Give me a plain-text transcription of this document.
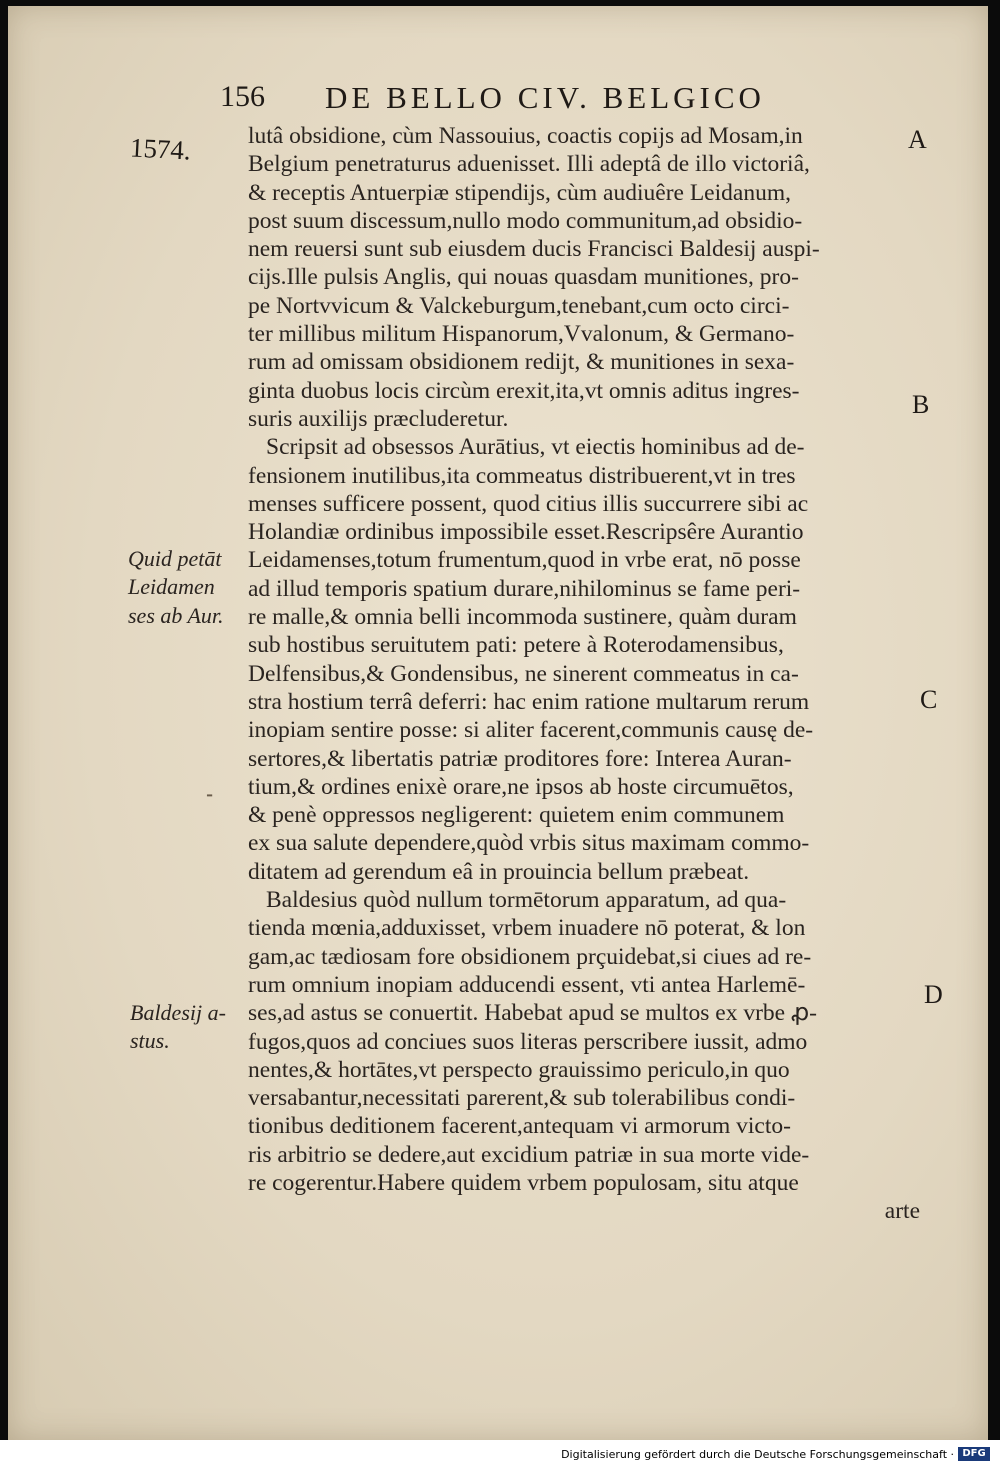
156 DE BELLO CIV. BELGICO
1574.
Quid petāt
Leidamen
ses ab Aur.
Baldesij a-
stus.
A
B
C
D
lutâ obsidione, cùm Nassouius, coactis copijs ad Mosam,in
Belgium penetraturus aduenisset. Illi adeptâ de illo victoriâ,
& receptis Antuerpiæ stipendijs, cùm audiuêre Leidanum,
post suum discessum,nullo modo communitum,ad obsidio-
nem reuersi sunt sub eiusdem ducis Francisci Baldesij auspi-
cijs.Ille pulsis Anglis, qui nouas quasdam munitiones, pro-
pe Nortvvicum & Valckeburgum,tenebant,cum octo circi-
ter millibus militum Hispanorum,Vvalonum, & Germano-
rum ad omissam obsidionem redijt, & munitiones in sexa-
ginta duobus locis circùm erexit,ita,vt omnis aditus ingres-
suris auxilijs præcluderetur.
Scripsit ad obsessos Aurātius, vt eiectis hominibus ad de-
fensionem inutilibus,ita commeatus distribuerent,vt in tres
menses sufficere possent, quod citius illis succurrere sibi ac
Holandiæ ordinibus impossibile esset.Rescripsêre Aurantio
Leidamenses,totum frumentum,quod in vrbe erat, nō posse
ad illud temporis spatium durare,nihilominus se fame peri-
re malle,& omnia belli incommoda sustinere, quàm duram
sub hostibus seruitutem pati: petere à Roterodamensibus,
Delfensibus,& Gondensibus, ne sinerent commeatus in ca-
stra hostium terrâ deferri: hac enim ratione multarum rerum
inopiam sentire posse: si aliter facerent,communis causę de-
sertores,& libertatis patriæ proditores fore: Interea Auran-
tium,& ordines enixè orare,ne ipsos ab hoste circumuētos,
& penè oppressos negligerent: quietem enim communem
ex sua salute dependere,quòd vrbis situs maximam commo-
ditatem ad gerendum eâ in prouincia bellum præbeat.
Baldesius quòd nullum tormētorum apparatum, ad qua-
tienda mœnia,adduxisset, vrbem inuadere nō poterat, & lon
gam,ac tædiosam fore obsidionem prçuidebat,si ciues ad re-
rum omnium inopiam adducendi essent, vti antea Harlemē-
ses,ad astus se conuertit. Habebat apud se multos ex vrbe ꝓ-
fugos,quos ad conciues suos literas perscribere iussit, admo
nentes,& hortātes,vt perspecto grauissimo periculo,in quo
versabantur,necessitati parerent,& sub tolerabilibus condi-
tionibus deditionem facerent,antequam vi armorum victo-
ris arbitrio se dedere,aut excidium patriæ in sua morte vide-
re cogerentur.Habere quidem vrbem populosam, situ atque
arte
⁃
Digitalisierung gefördert durch die Deutsche Forschungsgemeinschaft · DFG
